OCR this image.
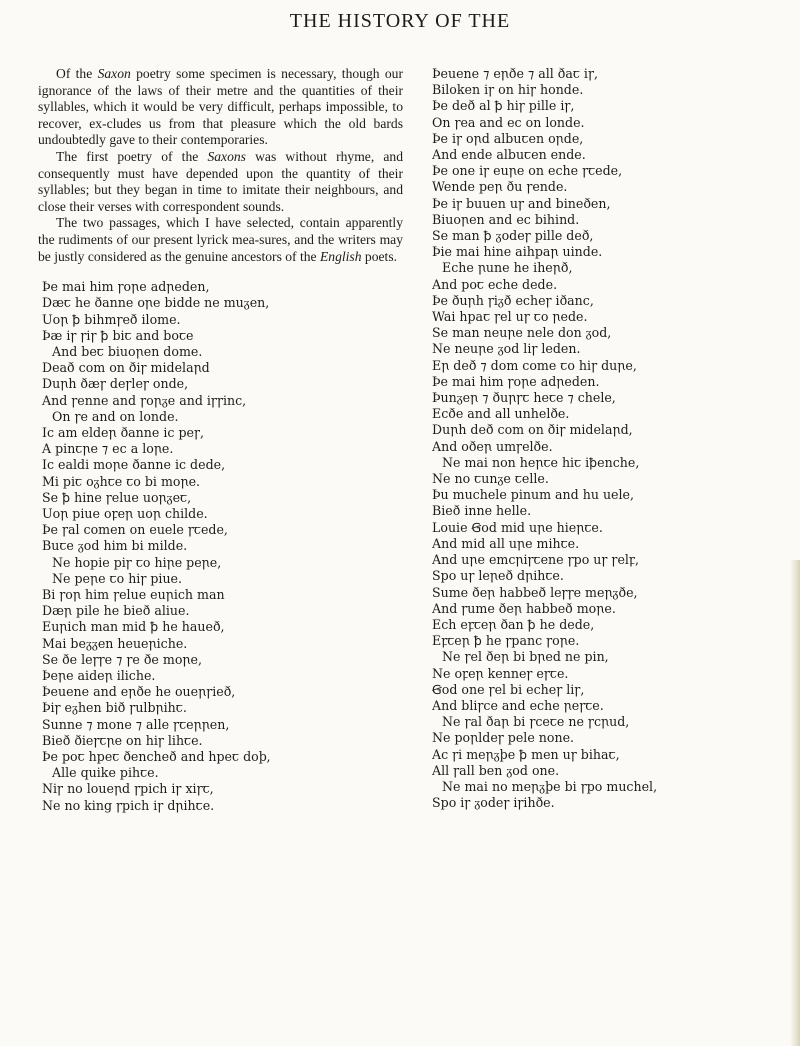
THE HISTORY OF THE

Of the Saxon poetry some specimen is necessary, though our ignorance of the laws of their metre and the quantities of their syllables, which it would be very difficult, perhaps impossible, to recover, ex-cludes us from that pleasure which the old bards undoubtedly gave to their contemporaries.

The first poetry of the Saxons was without rhyme, and consequently must have depended upon the quantity of their syllables; but they began in time to imitate their neighbours, and close their verses with correspondent sounds.

The two passages, which I have selected, contain apparently the rudiments of our present lyrick mea-sures, and the writers may be justly considered as the genuine ancestors of the English poets.

Þe mai him ꞅoꞃe adꞃeden,
Dæꞇ he ðanne oꞃe bidde ne muᵹen,
Uoꞃ ꝥ bihmꞅeð ilome.
Þæ iꞅ ꞅiꞅ ꝥ biꞇ and boꞇe
And beꞇ biuoꞃen dome.
Deað com on ðiꞅ midelaꞃd
Duꞃh ðæꞅ deꞅleꞅ onde,
And ꞅenne and ꞅoꞃᵹe and iꞅꞅinc,
On ꞅe and on londe.
Ic am eldeꞃ ðanne ic peꞅ,
A pinꞇꞃe ⁊ ec a loꞃe.
Ic ealdi moꞃe ðanne ic dede,
Mi piꞇ oᵹhꞇe ꞇo bi moꞃe.
Se ꝥ hine ꞅelue uoꞃᵹeꞇ,
Uoꞃ piue oꝼeꞃ uoꞃ childe.
Þe ꞅal comen on euele ꞅꞇede,
Buꞇe ᵹod him bi milde.
Ne hopie piꞅ ꞇo hiꞃe peꞃe,
Ne peꞃe ꞇo hiꞅ piue.
Bi ꞅoꞃ him ꞅelue euꞃich man
Dæꞃ pile he bieð aliue.
Euꞃich man mid ꝥ he haueð,
Mai beᵹᵹen heueꞃiche.
Se ðe leꞅꞅe ⁊ ꞅe ðe moꞃe,
Þeꞃe aideꞃ iliche.
Þeuene and eꞃðe he oueꞃꞅieð,
Þiꞅ eᵹhen bið ꞅulbꞃihꞇ.
Sunne ⁊ mone ⁊ alle ꞅꞇeꞃꞃen,
Bieð ðieꞅꞇꞃe on hiꞅ lihꞇe.
Þe poꞇ hpeꞇ ðencheð and hpeꞇ doþ,
Alle quike pihꞇe.
Niꞅ no loueꞃd ꞅpich iꞅ xiꞅꞇ,
Ne no king ꞅpich iꞅ dꞃihꞇe.
Þeuene ⁊ eꞃðe ⁊ all ðaꞇ iꞅ,
Biloken iꞅ on hiꞅ honde.
Þe deð al ꝥ hiꞅ pille iꞅ,
On ꞅea and ec on londe.
Þe iꞅ oꞃd albuꞇen oꞃde,
And ende albuꞇen ende.
Þe one iꞅ euꞃe on eche ꞅꞇede,
Wende peꞃ ðu ꞅende.
Þe iꞅ buuen uꞅ and bineðen,
Biuoꞃen and ec bihind.
Se man ꝥ ᵹodeꞅ pille deð,
Þie mai hine aihpaꞃ uinde.
Eche ꞃune he iheꞃð,
And poꞇ eche dede.
Þe ðuꞃh ꞅiᵹð echeꞅ iðanc,
Wai hpaꞇ ꞅel uꞅ ꞇo ꞃede.
Se man neuꞃe nele don ᵹod,
Ne neuꞃe ᵹod liꞅ leden.
Eꞃ deð ⁊ dom come ꞇo hiꞅ duꞃe,
Þe mai him ꞅoꞃe adꞃeden.
Þunᵹeꞃ ⁊ ðuꞃꞅꞇ heꞇe ⁊ chele,
Ecðe and all unhelðe.
Duꞃh deð com on ðiꞅ midelaꞃd,
And oðeꞃ umꞅelðe.
Ne mai non heꞃꞇe hiꞇ iꝥenche,
Ne no ꞇunᵹe ꞇelle.
Þu muchele pinum and hu uele,
Bieð inne helle.
Louie Ꞡod mid uꞃe hieꞃꞇe.
And mid all uꞃe mihꞇe.
And uꞃe emcꞃiꞅꞇene ꞅpo uꞅ ꞅelꝼ,
Spo uꞅ leꞃeð dꞃihꞇe.
Sume ðeꞃ habbeð leꞅꞅe meꞃᵹðe,
And ꞅume ðeꞃ habbeð moꞃe.
Ech eꝼꞇeꞃ ðan ꝥ he dede,
Eꝼꞇeꞃ ꝥ he ꞅpanc ꞅoꞃe.
Ne ꞅel ðeꞃ bi bꞃed ne pin,
Ne oꝼeꞃ kenneꞅ eꞅꞇe.
Ꞡod one ꞅel bi echeꞅ liꞅ,
And bliꞅce and eche ꞃeꞅꞇe.
Ne ꞅal ðaꞃ bi ꞅceꞇe ne ꞅcꞃud,
Ne poꞃldeꞅ pele none.
Ac ꞅi meꞃᵹþe ꝥ men uꞅ bihaꞇ,
All ꞅall ben ᵹod one.
Ne mai no meꞃᵹþe bi ꞅpo muchel,
Spo iꞅ ᵹodeꞅ iꞅihðe.
